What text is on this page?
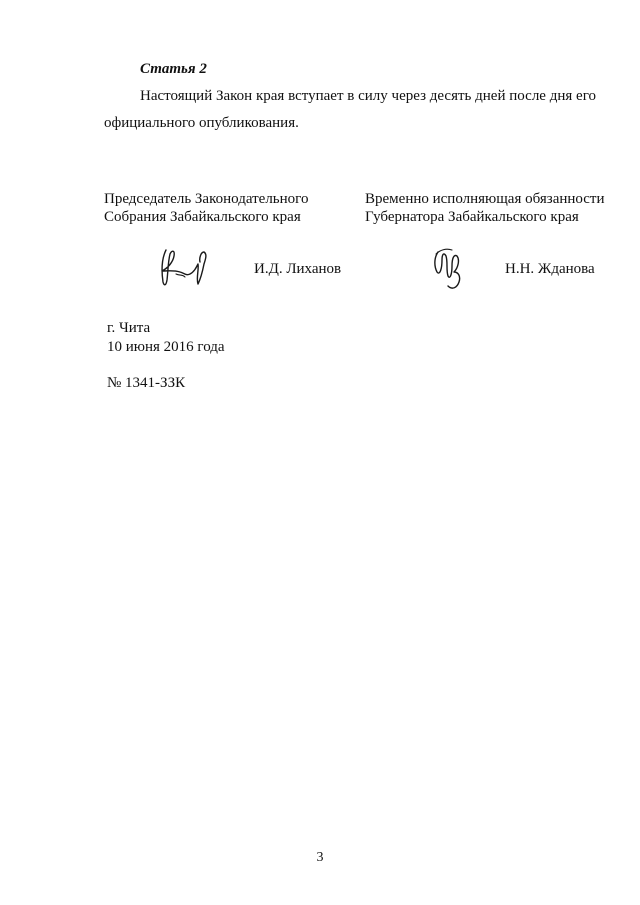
Статья 2
Настоящий Закон края вступает в силу через десять дней после дня его
официального опубликования.
Председатель Законодательного
Собрания Забайкальского края
Временно исполняющая обязанности
Губернатора Забайкальского края
И.Д. Лиханов	Н.Н. Жданова
г. Чита
10 июня 2016 года
№ 1341-ЗЗК
3
